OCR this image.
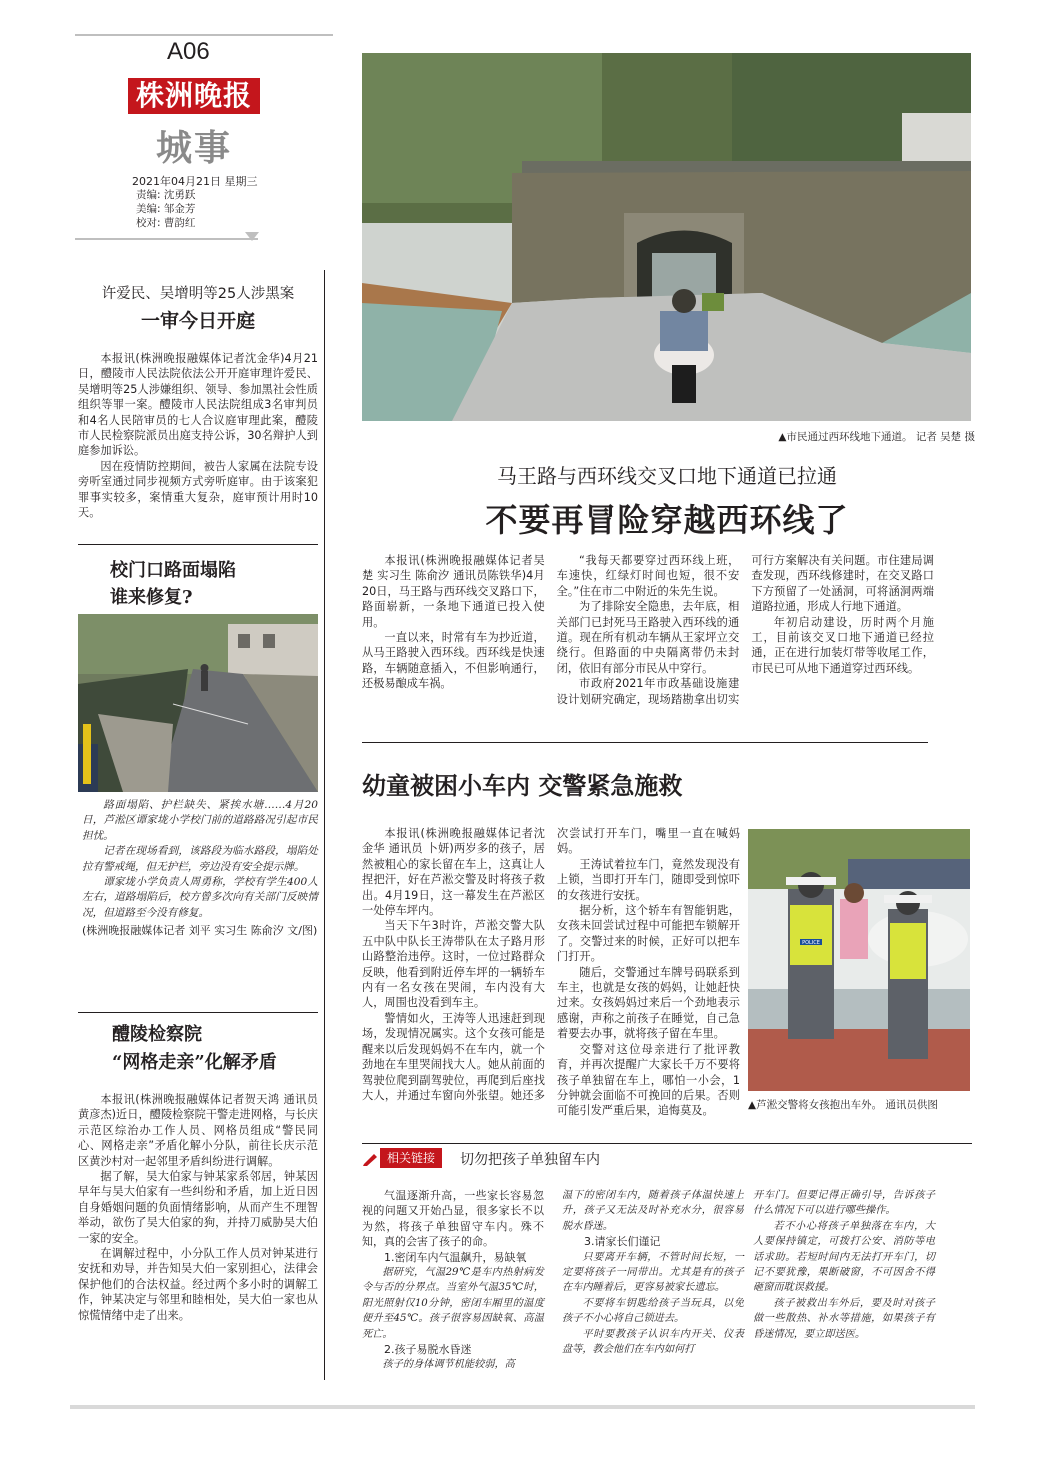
A06
株洲晚报
城事
2021年04月21日 星期三
责编: 沈勇跃
美编: 邹金芳
校对: 曹韵红
许爱民、吴增明等25人涉黑案
一审今日开庭

本报讯(株洲晚报融媒体记者沈金华)4月21日，醴陵市人民法院依法公开开庭审理许爱民、吴增明等25人涉嫌组织、领导、参加黑社会性质组织等罪一案。醴陵市人民法院组成3名审判员和4名人民陪审员的七人合议庭审理此案，醴陵市人民检察院派员出庭支持公诉，30名辩护人到庭参加诉讼。

因在疫情防控期间，被告人家属在法院专设旁听室通过同步视频方式旁听庭审。由于该案犯罪事实较多，案情重大复杂，庭审预计用时10天。

校门口路面塌陷
谁来修复?

路面塌陷、护栏缺失、紧挨水塘……4月20日，芦淞区谭家垅小学校门前的道路路况引起市民担忧。

记者在现场看到，该路段为临水路段，塌陷处拉有警戒绳，但无护栏，旁边没有安全提示牌。

谭家垅小学负责人周勇称，学校有学生400人左右，道路塌陷后，校方曾多次向有关部门反映情况，但道路至今没有修复。

(株洲晚报融媒体记者 刘平 实习生 陈俞汐 文/图)
醴陵检察院
“网格走亲”化解矛盾

本报讯(株洲晚报融媒体记者贺天鸿 通讯员 黄彦杰)近日，醴陵检察院干警走进网格，与长庆示范区综治办工作人员、网格员组成“警民同心、网格走亲”矛盾化解小分队，前往长庆示范区黄沙村对一起邻里矛盾纠纷进行调解。

据了解，吴大伯家与钟某家系邻居，钟某因早年与吴大伯家有一些纠纷和矛盾，加上近日因自身婚姻问题的负面情绪影响，从而产生不理智举动，欲伤了吴大伯家的狗，并持刀威胁吴大伯一家的安全。

在调解过程中，小分队工作人员对钟某进行安抚和劝导，并告知吴大伯一家别担心，法律会保护他们的合法权益。经过两个多小时的调解工作，钟某决定与邻里和睦相处，吴大伯一家也从惊慌情绪中走了出来。

▲市民通过西环线地下通道。 记者 吴楚 摄
马王路与西环线交叉口地下通道已拉通
不要再冒险穿越西环线了

本报讯(株洲晚报融媒体记者吴楚 实习生 陈俞汐 通讯员陈铁华)4月20日，马王路与西环线交叉路口下，路面崭新，一条地下通道已投入使用。

一直以来，时常有车为抄近道，从马王路驶入西环线。西环线是快速路，车辆随意插入，不但影响通行，还极易酿成车祸。

“我每天都要穿过西环线上班，车速快，红绿灯时间也短，很不安全。”住在市二中附近的朱先生说。

为了排除安全隐患，去年底，相关部门已封死马王路驶入西环线的通道。现在所有机动车辆从王家坪立交绕行。但路面的中央隔离带仍未封闭，依旧有部分市民从中穿行。

市政府2021年市政基础设施建设计划研究确定，现场踏勘拿出切实可行方案解决有关问题。市住建局调查发现，西环线修建时，在交叉路口下方预留了一处涵洞，可将涵洞两端道路拉通，形成人行地下通道。

年初启动建设，历时两个月施工，目前该交叉口地下通道已经拉通，正在进行加装灯带等收尾工作，市民已可从地下通道穿过西环线。

幼童被困小车内 交警紧急施救

本报讯(株洲晚报融媒体记者沈金华 通讯员 卜妍)两岁多的孩子，居然被粗心的家长留在车上，这真让人捏把汗，好在芦淞交警及时将孩子救出。4月19日，这一幕发生在芦淞区一处停车坪内。

当天下午3时许，芦淞交警大队五中队中队长王涛带队在太子路月形山路整治违停。这时，一位过路群众反映，他看到附近停车坪的一辆轿车内有一名女孩在哭闹，车内没有大人，周围也没看到车主。

警情如火，王涛等人迅速赶到现场，发现情况属实。这个女孩可能是醒来以后发现妈妈不在车内，就一个劲地在车里哭闹找大人。她从前面的驾驶位爬到副驾驶位，再爬到后座找大人，并通过车窗向外张望。她还多次尝试打开车门，嘴里一直在喊妈妈。

王涛试着拉车门，竟然发现没有上锁，当即打开车门，随即受到惊吓的女孩进行安抚。

据分析，这个轿车有智能钥匙，女孩未回尝试过程中可能把车锁解开了。交警过来的时候，正好可以把车门打开。

随后，交警通过车牌号码联系到车主，也就是女孩的妈妈，让她赶快过来。女孩妈妈过来后一个劲地表示感谢，声称之前孩子在睡觉，自己急着要去办事，就将孩子留在车里。

交警对这位母亲进行了批评教育，并再次提醒广大家长千万不要将孩子单独留在车上，哪怕一小会，1分钟就会面临不可挽回的后果。否则可能引发严重后果，追悔莫及。

POLICE
▲芦淞交警将女孩抱出车外。 通讯员供图
相关链接	切勿把孩子单独留车内

气温逐渐升高，一些家长容易忽视的问题又开始凸显，很多家长不以为然，将孩子单独留守车内。殊不知，真的会害了孩子的命。

1.密闭车内气温飙升，易缺氧

据研究，气温29℃是车内热射病发令与否的分界点。当室外气温35℃时，阳光照射仅10分钟，密闭车厢里的温度便升至45℃。孩子很容易因缺氧、高温死亡。

2.孩子易脱水昏迷

孩子的身体调节机能较弱，高

温下的密闭车内，随着孩子体温快速上升，孩子又无法及时补充水分，很容易脱水昏迷。

3.请家长们谨记

只要离开车辆，不管时间长短，一定要将孩子一同带出。尤其是有的孩子在车内睡着后，更容易被家长遗忘。

不要将车钥匙给孩子当玩具，以免孩子不小心将自己锁进去。

平时要教孩子认识车内开关、仪表盘等，教会他们在车内如何打

开车门。但要记得正确引导，告诉孩子什么情况下可以进行哪些操作。

若不小心将孩子单独落在车内，大人要保持镇定，可拨打公安、消防等电话求助。若短时间内无法打开车门，切记不要犹豫，果断破窗，不可因舍不得砸窗而耽误救援。

孩子被救出车外后，要及时对孩子做一些散热、补水等措施，如果孩子有昏迷情况，要立即送医。
